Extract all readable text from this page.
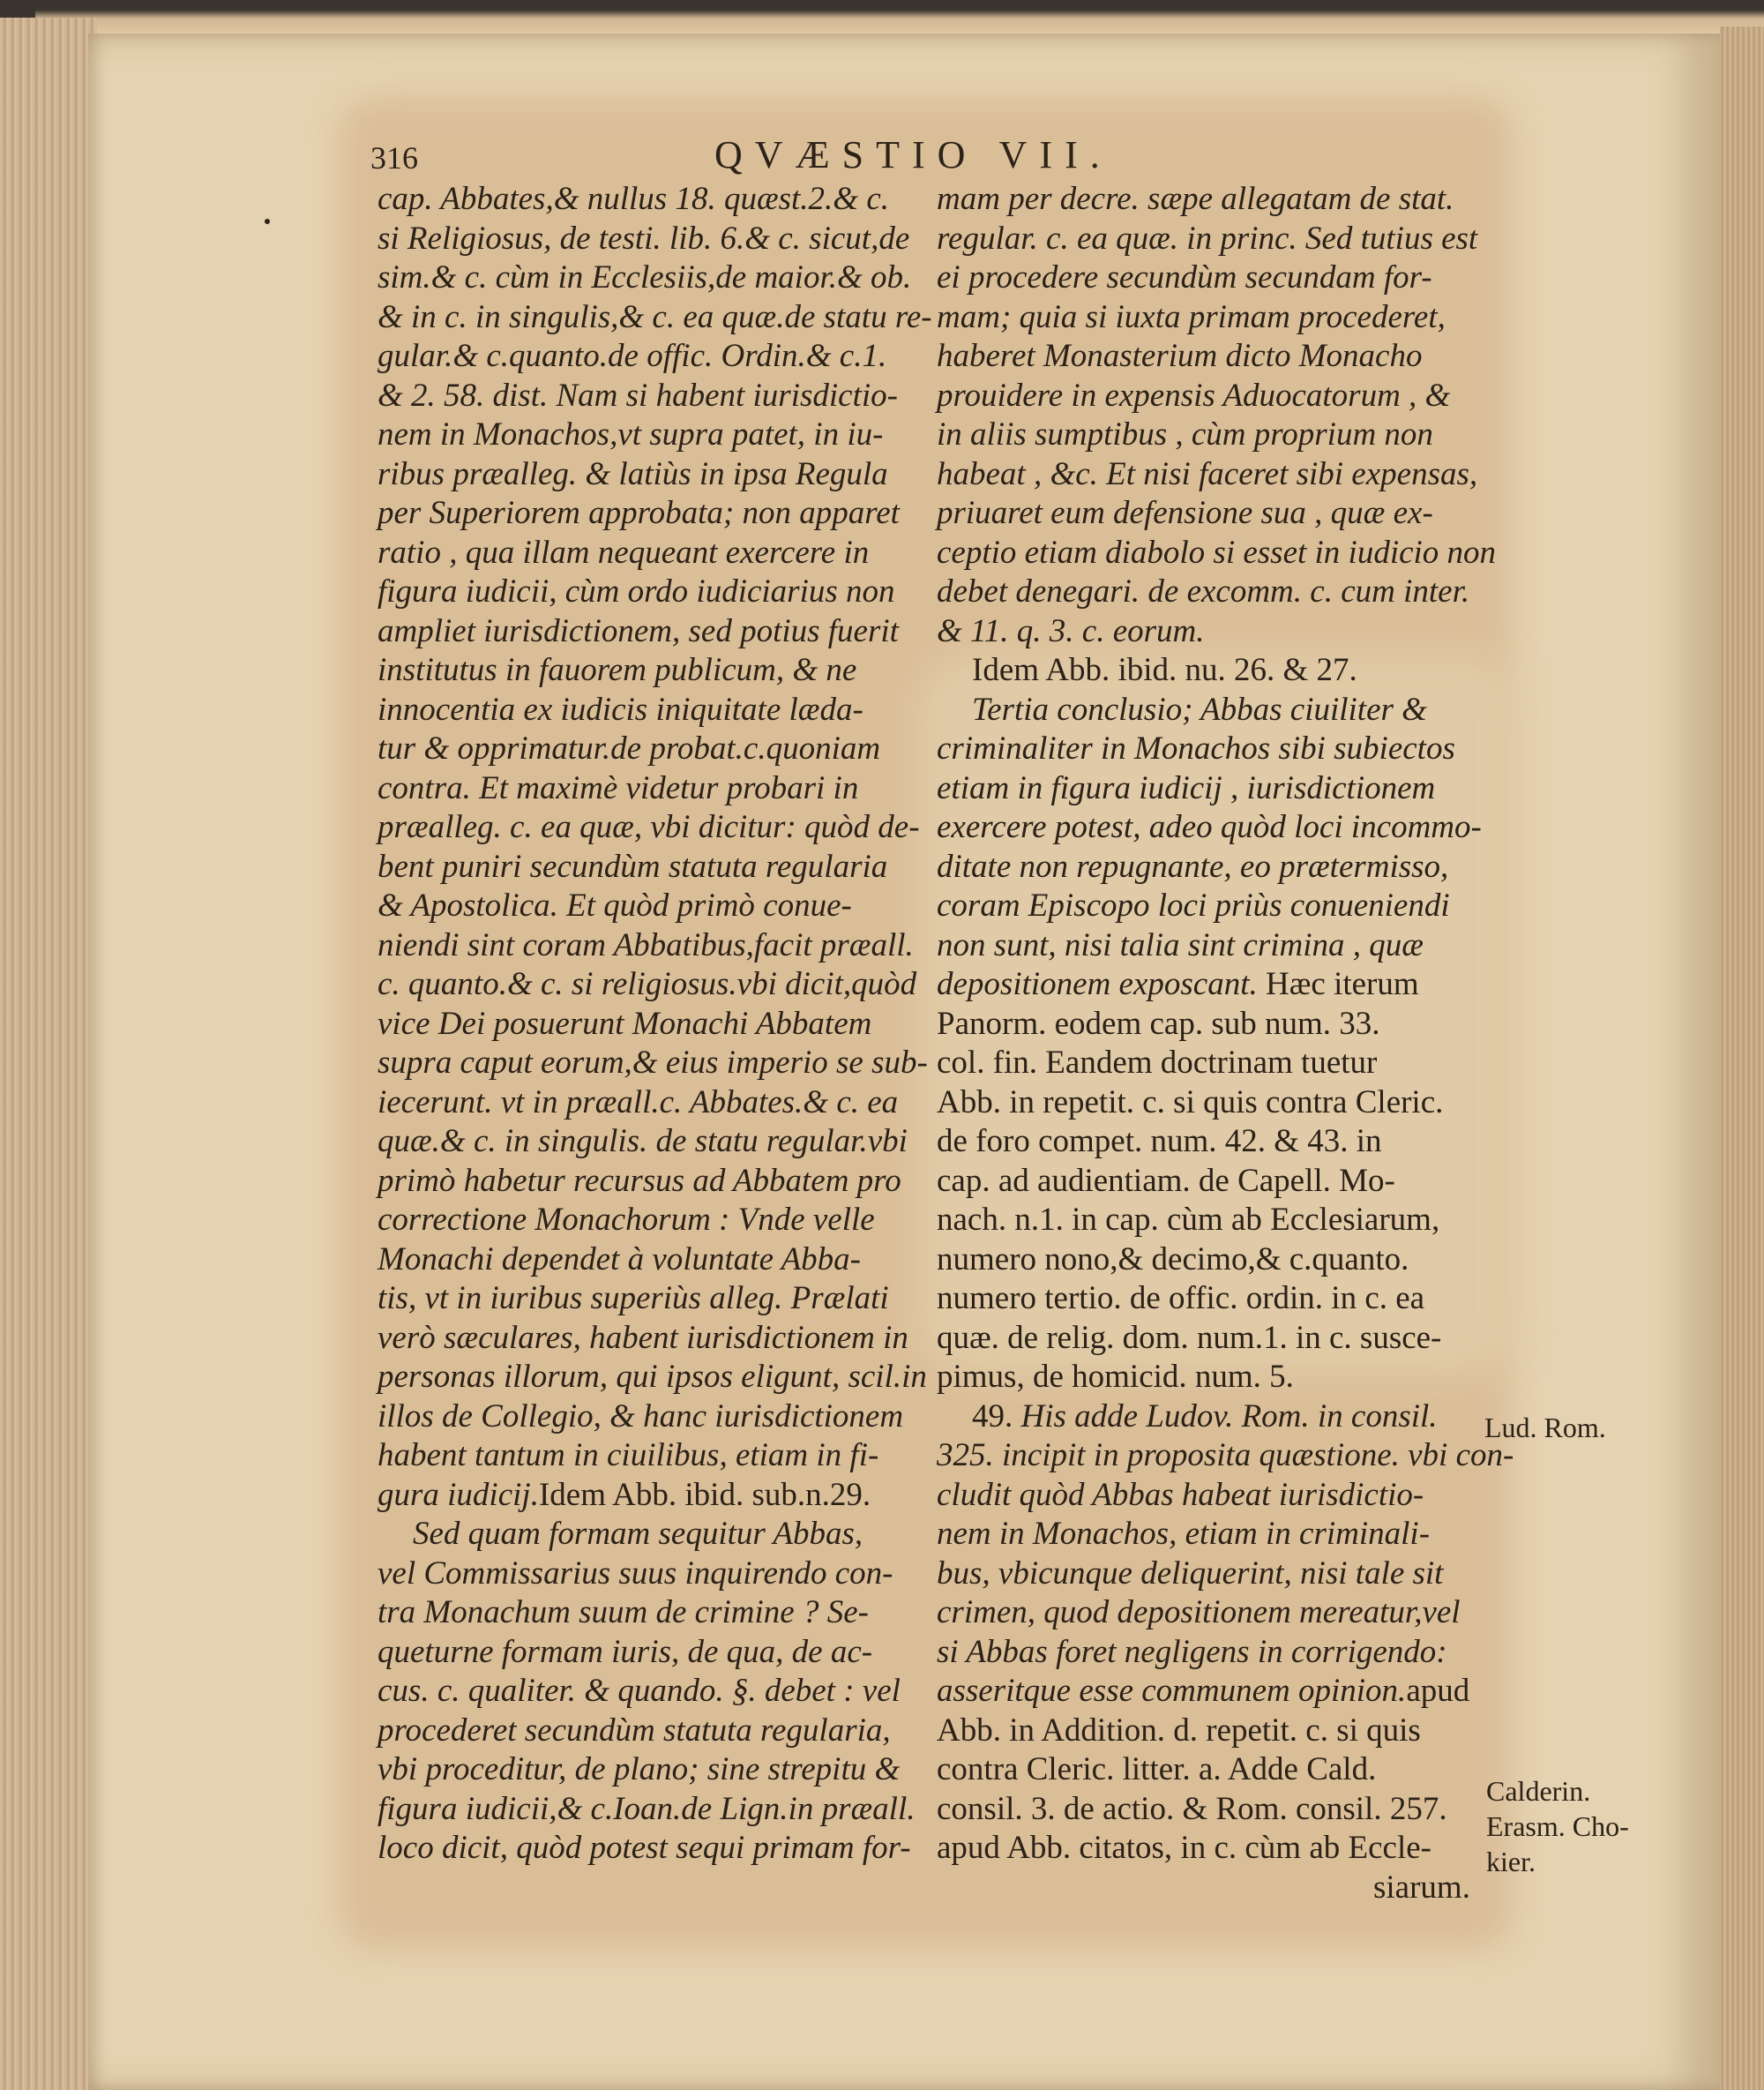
316	QVÆSTIO VII.
cap. Abbates,& nullus 18. quæst.2.& c.
si Religiosus, de testi. lib. 6.& c. sicut,de
sim.& c. cùm in Ecclesiis,de maior.& ob.
& in c. in singulis,& c. ea quæ.de statu re-
gular.& c.quanto.de offic. Ordin.& c.1.
& 2. 58. dist. Nam si habent iurisdictio-
nem in Monachos,vt supra patet, in iu-
ribus præalleg. & latiùs in ipsa Regula
per Superiorem approbata; non apparet
ratio , qua illam nequeant exercere in
figura iudicii, cùm ordo iudiciarius non
ampliet iurisdictionem, sed potius fuerit
institutus in fauorem publicum, & ne
innocentia ex iudicis iniquitate læda-
tur & opprimatur.de probat.c.quoniam
contra. Et maximè videtur probari in
præalleg. c. ea quæ, vbi dicitur: quòd de-
bent puniri secundùm statuta regularia
& Apostolica. Et quòd primò conue-
niendi sint coram Abbatibus,facit præall.
c. quanto.& c. si religiosus.vbi dicit,quòd
vice Dei posuerunt Monachi Abbatem
supra caput eorum,& eius imperio se sub-
iecerunt. vt in præall.c. Abbates.& c. ea
quæ.& c. in singulis. de statu regular.vbi
primò habetur recursus ad Abbatem pro
correctione Monachorum : Vnde velle
Monachi dependet à voluntate Abba-
tis, vt in iuribus superiùs alleg. Prælati
verò sæculares, habent iurisdictionem in
personas illorum, qui ipsos eligunt, scil.in
illos de Collegio, & hanc iurisdictionem
habent tantum in ciuilibus, etiam in fi-
gura iudicij.Idem Abb. ibid. sub.n.29.
Sed quam formam sequitur Abbas,
vel Commissarius suus inquirendo con-
tra Monachum suum de crimine ? Se-
queturne formam iuris, de qua, de ac-
cus. c. qualiter. & quando. §. debet : vel
procederet secundùm statuta regularia,
vbi proceditur, de plano; sine strepitu &
figura iudicii,& c.Ioan.de Lign.in præall.
loco dicit, quòd potest sequi primam for-
mam per decre. sæpe allegatam de stat.
regular. c. ea quæ. in princ. Sed tutius est
ei procedere secundùm secundam for-
mam; quia si iuxta primam procederet,
haberet Monasterium dicto Monacho
prouidere in expensis Aduocatorum , &
in aliis sumptibus , cùm proprium non
habeat , &c. Et nisi faceret sibi expensas,
priuaret eum defensione sua , quæ ex-
ceptio etiam diabolo si esset in iudicio non
debet denegari. de excomm. c. cum inter.
& 11. q. 3. c. eorum.
Idem Abb. ibid. nu. 26. & 27.
Tertia conclusio; Abbas ciuiliter &
criminaliter in Monachos sibi subiectos
etiam in figura iudicij , iurisdictionem
exercere potest, adeo quòd loci incommo-
ditate non repugnante, eo prætermisso,
coram Episcopo loci priùs conueniendi
non sunt, nisi talia sint crimina , quæ
depositionem exposcant. Hæc iterum
Panorm. eodem cap. sub num. 33.
col. fin. Eandem doctrinam tuetur
Abb. in repetit. c. si quis contra Cleric.
de foro compet. num. 42. & 43. in
cap. ad audientiam. de Capell. Mo-
nach. n.1. in cap. cùm ab Ecclesiarum,
numero nono,& decimo,& c.quanto.
numero tertio. de offic. ordin. in c. ea
quæ. de relig. dom. num.1. in c. susce-
pimus, de homicid. num. 5.
49. His adde Ludov. Rom. in consil.
325. incipit in proposita quæstione. vbi con-
cludit quòd Abbas habeat iurisdictio-
nem in Monachos, etiam in criminali-
bus, vbicunque deliquerint, nisi tale sit
crimen, quod depositionem mereatur,vel
si Abbas foret negligens in corrigendo:
asseritque esse communem opinion.apud
Abb. in Addition. d. repetit. c. si quis
contra Cleric. litter. a. Adde Cald.
consil. 3. de actio. & Rom. consil. 257.
apud Abb. citatos, in c. cùm ab Eccle-
siarum.
Lud. Rom.
Calderin.
Erasm. Cho-
kier.
